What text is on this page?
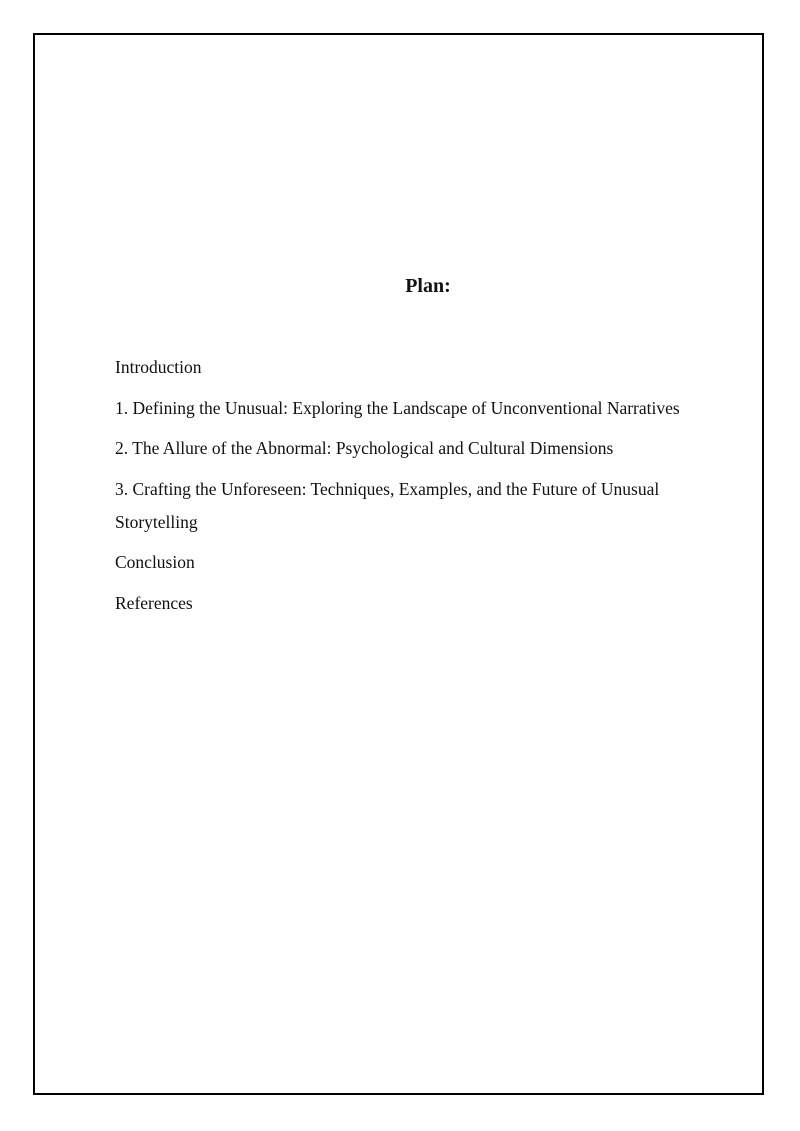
Plan:
Introduction
1. Defining the Unusual: Exploring the Landscape of Unconventional Narratives
2. The Allure of the Abnormal: Psychological and Cultural Dimensions
3. Crafting the Unforeseen: Techniques, Examples, and the Future of Unusual Storytelling
Conclusion
References
